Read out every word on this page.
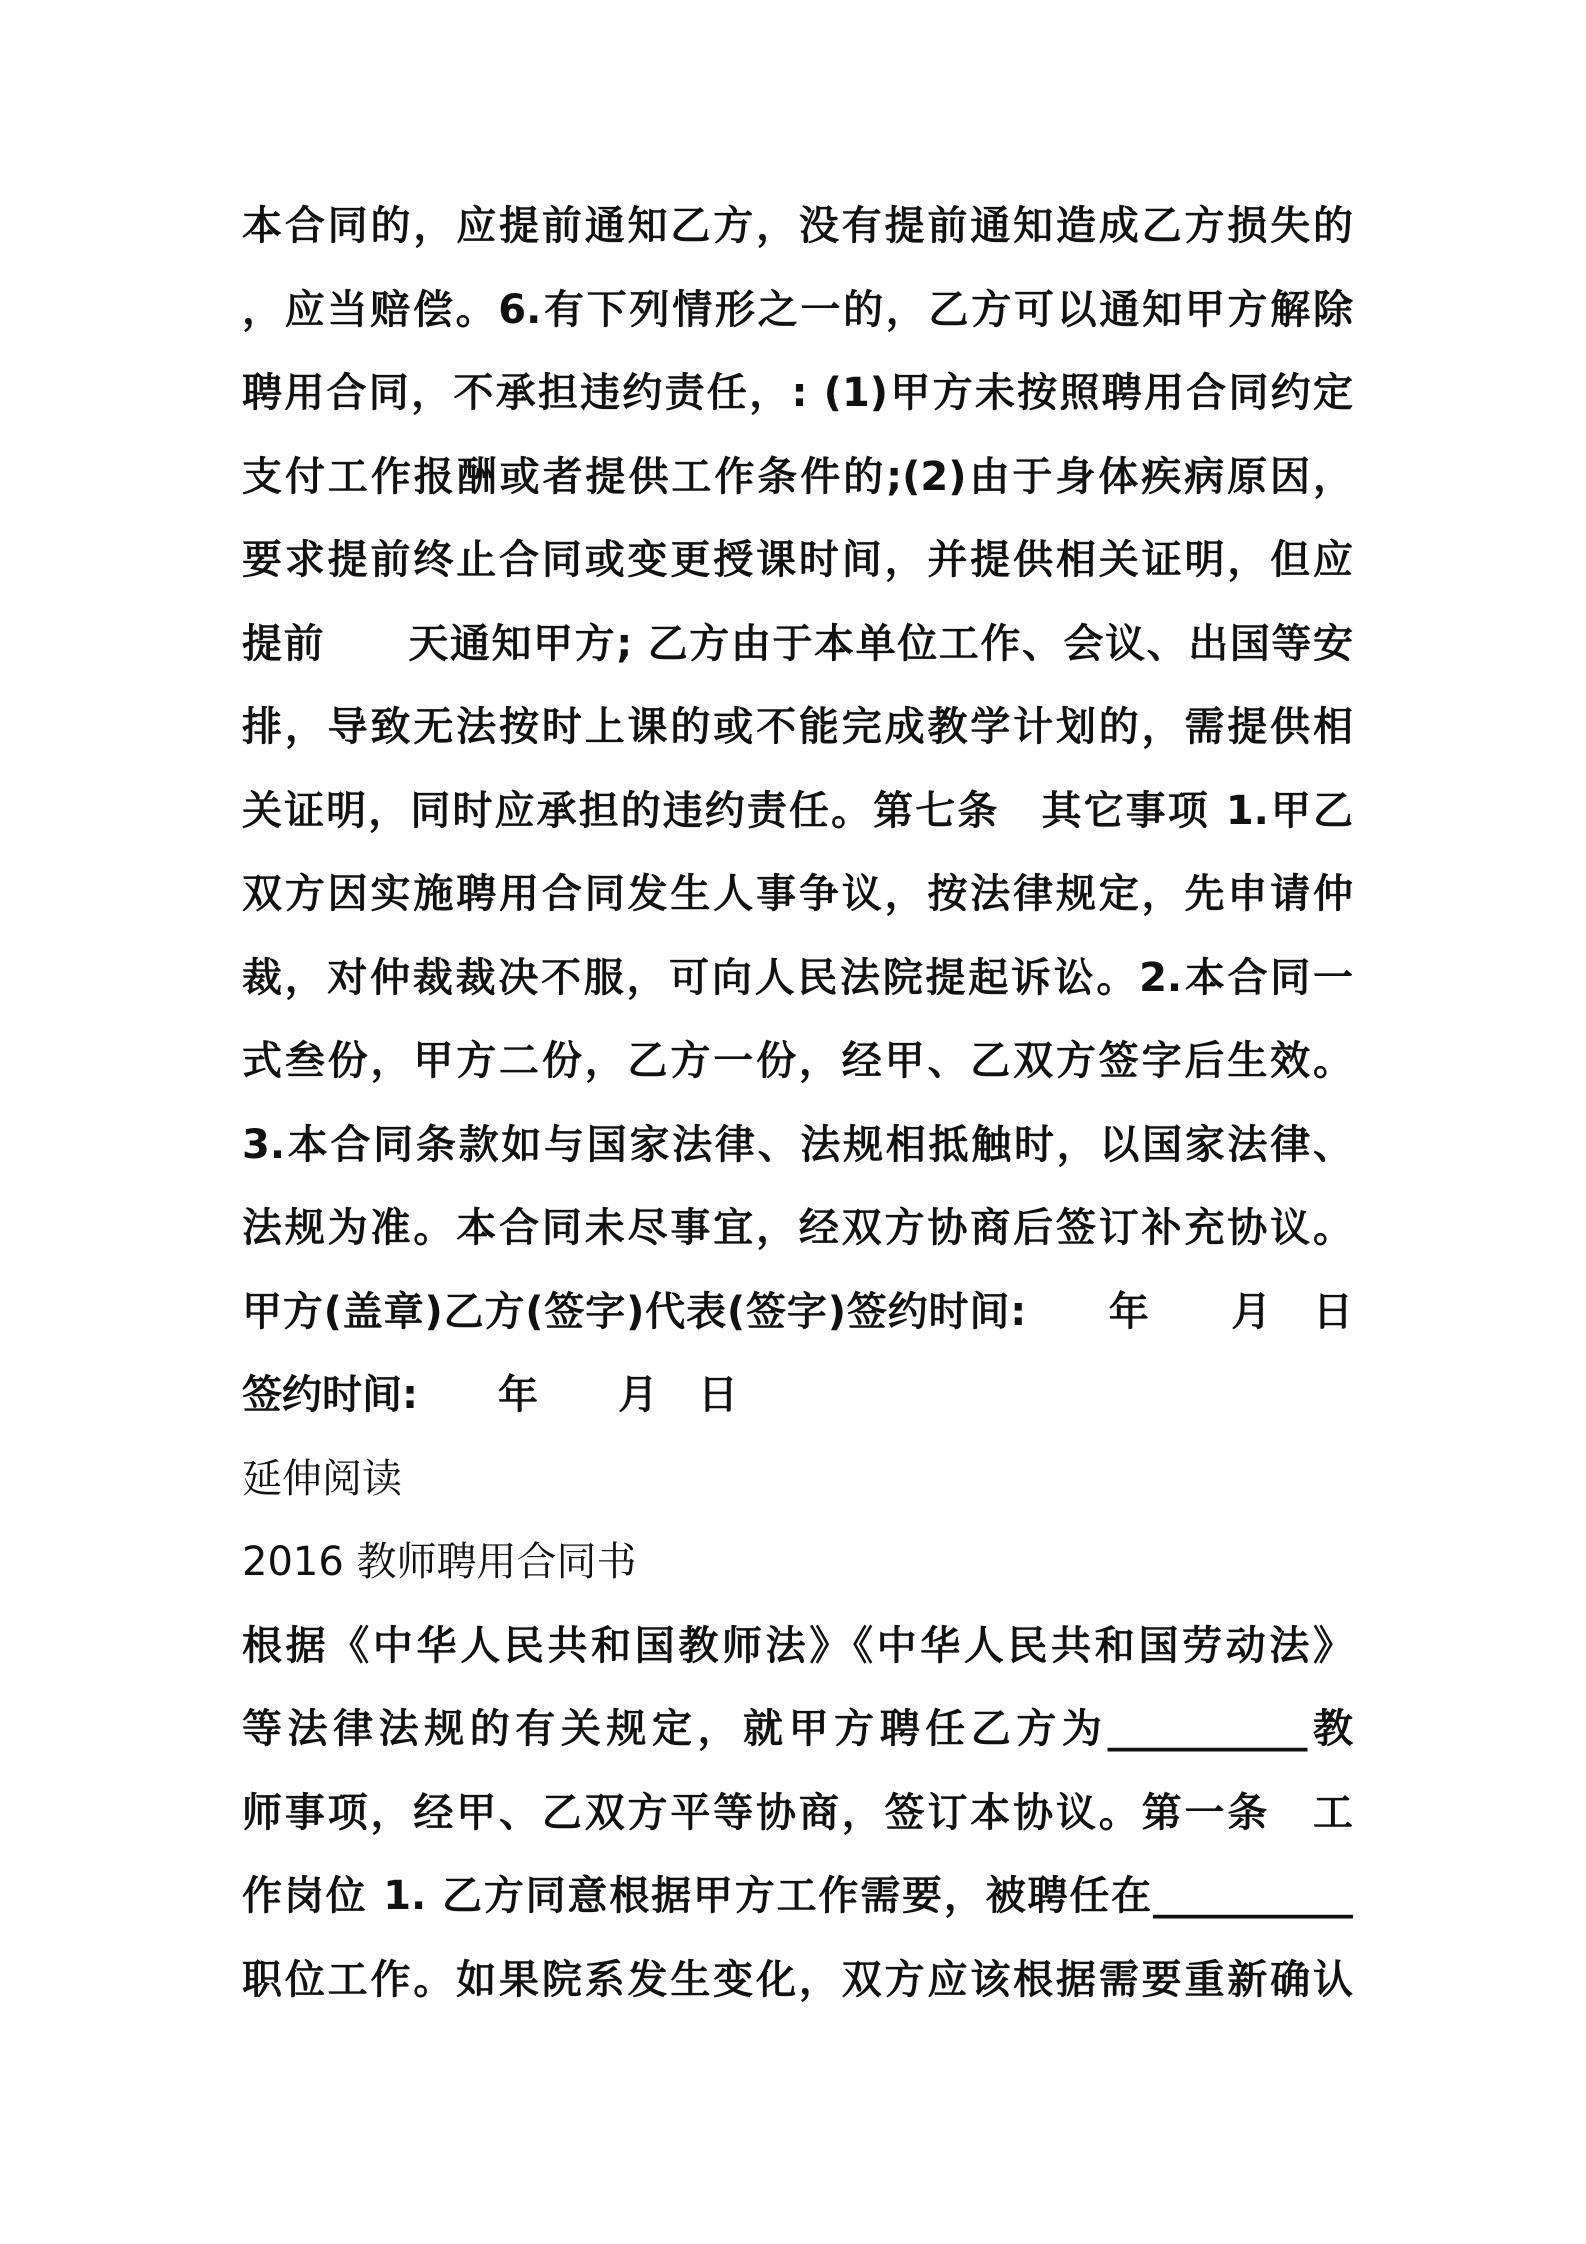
本合同的，应提前通知乙方，没有提前通知造成乙方损失的
，应当赔偿。6.有下列情形之一的，乙方可以通知甲方解除
聘用合同，不承担违约责任，: (1)甲方未按照聘用合同约定
支付工作报酬或者提供工作条件的;(2)由于身体疾病原因，
要求提前终止合同或变更授课时间，并提供相关证明，但应
提前　　天通知甲方; 乙方由于本单位工作、会议、出国等安
排，导致无法按时上课的或不能完成教学计划的，需提供相
关证明，同时应承担的违约责任。第七条　其它事项 1.甲乙
双方因实施聘用合同发生人事争议，按法律规定，先申请仲
裁，对仲裁裁决不服，可向人民法院提起诉讼。2.本合同一
式叁份，甲方二份，乙方一份，经甲、乙双方签字后生效。
3.本合同条款如与国家法律、法规相抵触时，以国家法律、
法规为准。本合同未尽事宜，经双方协商后签订补充协议。
甲方(盖章)乙方(签字)代表(签字)签约时间:　　年　　月　日
签约时间:　　年　　月　日
延伸阅读
2016 教师聘用合同书
根据《中华人民共和国教师法》《中华人民共和国劳动法》
等法律法规的有关规定，就甲方聘任乙方为__________教
师事项，经甲、乙双方平等协商，签订本协议。第一条　工
作岗位 1. 乙方同意根据甲方工作需要，被聘任在__________
职位工作。如果院系发生变化，双方应该根据需要重新确认
